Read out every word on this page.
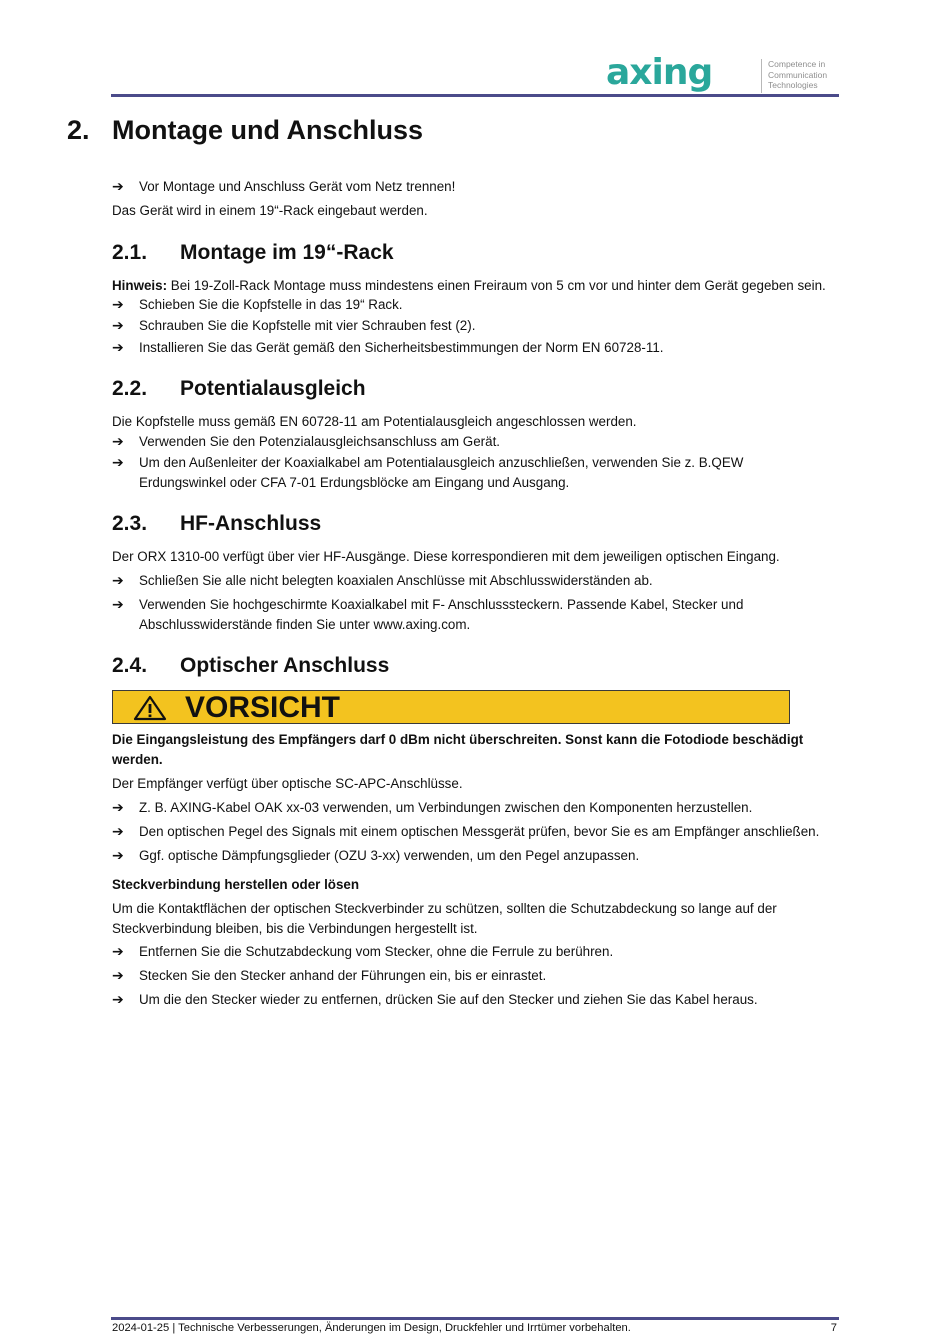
axing	Competence in
Communication
Technologies
2. Montage und Anschluss
➔ Vor Montage und Anschluss Gerät vom Netz trennen!
Das Gerät wird in einem 19“-Rack eingebaut werden.
2.1. Montage im 19“-Rack
Hinweis: Bei 19-Zoll-Rack Montage muss mindestens einen Freiraum von 5 cm vor und hinter dem Gerät gegeben sein.
➔ Schieben Sie die Kopfstelle in das 19“ Rack.
➔ Schrauben Sie die Kopfstelle mit vier Schrauben fest (2).
➔ Installieren Sie das Gerät gemäß den Sicherheitsbestimmungen der Norm EN 60728-11.
2.2. Potentialausgleich
Die Kopfstelle muss gemäß EN 60728-11 am Potentialausgleich angeschlossen werden.
➔ Verwenden Sie den Potenzialausgleichsanschluss am Gerät.
➔ Um den Außenleiter der Koaxialkabel am Potentialausgleich anzuschließen, verwenden Sie z. B.QEW Erdungswinkel oder CFA 7-01 Erdungsblöcke am Eingang und Ausgang.
2.3. HF-Anschluss
Der ORX 1310-00 verfügt über vier HF-Ausgänge. Diese korrespondieren mit dem jeweiligen optischen Eingang.
➔ Schließen Sie alle nicht belegten koaxialen Anschlüsse mit Abschlusswiderständen ab.
➔ Verwenden Sie hochgeschirmte Koaxialkabel mit F- Anschlusssteckern. Passende Kabel, Stecker und Abschlusswiderstände finden Sie unter www.axing.com.
2.4. Optischer Anschluss
VORSICHT
Die Eingangsleistung des Empfängers darf 0 dBm nicht überschreiten. Sonst kann die Fotodiode beschädigt werden.
Der Empfänger verfügt über optische SC-APC-Anschlüsse.
➔ Z. B. AXING-Kabel OAK xx-03 verwenden, um Verbindungen zwischen den Komponenten herzustellen.
➔ Den optischen Pegel des Signals mit einem optischen Messgerät prüfen, bevor Sie es am Empfänger anschließen.
➔ Ggf. optische Dämpfungsglieder (OZU 3-xx) verwenden, um den Pegel anzupassen.
Steckverbindung herstellen oder lösen
Um die Kontaktflächen der optischen Steckverbinder zu schützen, sollten die Schutzabdeckung so lange auf der Steckverbindung bleiben, bis die Verbindungen hergestellt ist.
➔ Entfernen Sie die Schutzabdeckung vom Stecker, ohne die Ferrule zu berühren.
➔ Stecken Sie den Stecker anhand der Führungen ein, bis er einrastet.
➔ Um die den Stecker wieder zu entfernen, drücken Sie auf den Stecker und ziehen Sie das Kabel heraus.
2024-01-25 | Technische Verbesserungen, Änderungen im Design, Druckfehler und Irrtümer vorbehalten.	7
